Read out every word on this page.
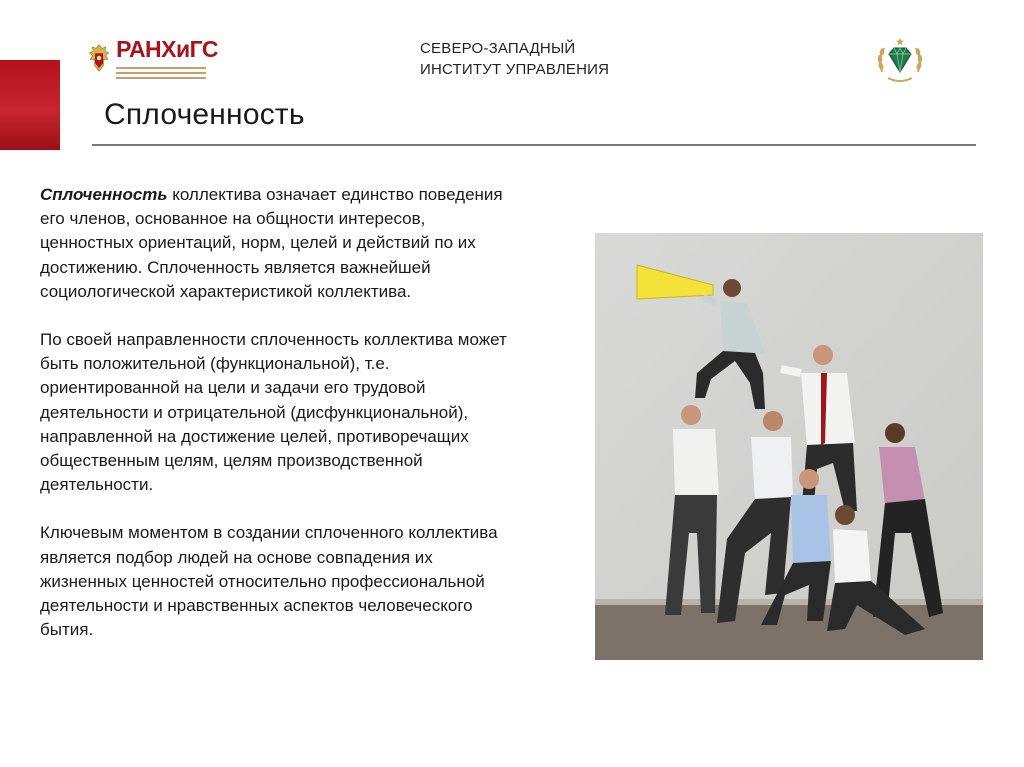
РАНХиГС	СЕВЕРО-ЗАПАДНЫЙ
ИНСТИТУТ УПРАВЛЕНИЯ
Сплоченность

Сплоченность коллектива означает единство поведения его членов, основанное на общности интересов, ценностных ориентаций, норм, целей и действий по их достижению. Сплоченность является важнейшей социологической характеристикой коллектива.

По своей направленности сплоченность коллектива может быть положительной (функциональной), т.е. ориентированной на цели и задачи его трудовой деятельности и отрицательной (дисфункциональной), направленной на достижение целей, противоречащих общественным целям, целям производственной деятельности.

Ключевым моментом в создании сплоченного коллектива является подбор людей на основе совпадения их жизненных ценностей относительно профессиональной деятельности и нравственных аспектов человеческого бытия.
